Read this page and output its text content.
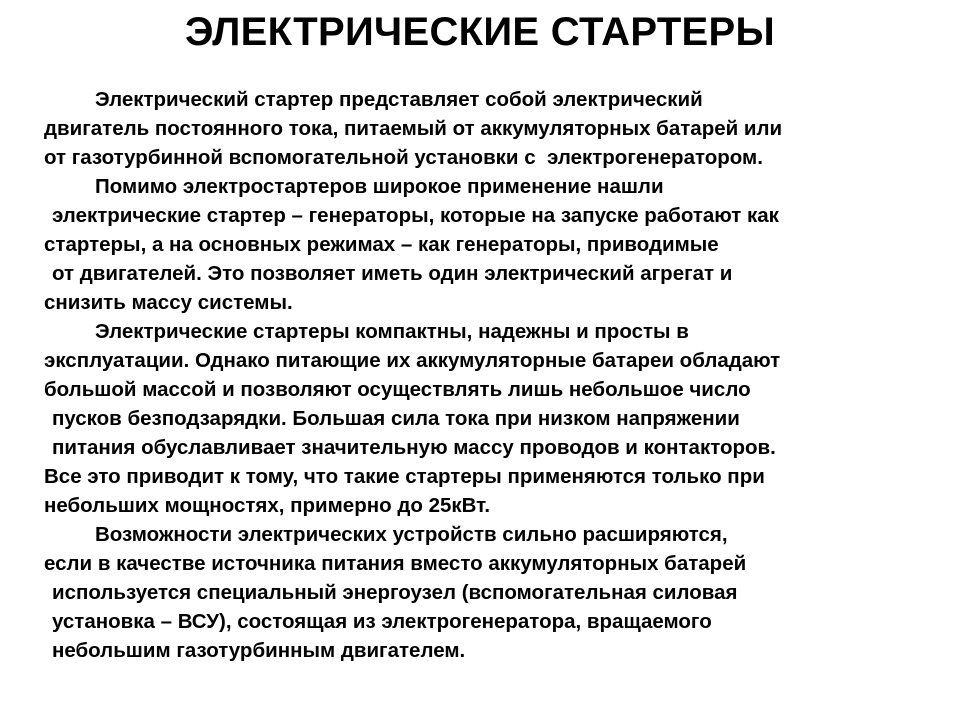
ЭЛЕКТРИЧЕСКИЕ СТАРТЕРЫ
Электрический стартер представляет собой электрический
двигатель постоянного тока, питаемый от аккумуляторных батарей или
от газотурбинной вспомогательной установки с  электрогенератором.
Помимо электростартеров широкое применение нашли
электрические стартер – генераторы, которые на запуске работают как
стартеры, а на основных режимах – как генераторы, приводимые
от двигателей. Это позволяет иметь один электрический агрегат и
снизить массу системы.
Электрические стартеры компактны, надежны и просты в
эксплуатации. Однако питающие их аккумуляторные батареи обладают
большой массой и позволяют осуществлять лишь небольшое число
пусков безподзарядки. Большая сила тока при низком напряжении
питания обуславливает значительную массу проводов и контакторов.
Все это приводит к тому, что такие стартеры применяются только при
небольших мощностях, примерно до 25кВт.
Возможности электрических устройств сильно расширяются,
если в качестве источника питания вместо аккумуляторных батарей
используется специальный энергоузел (вспомогательная силовая
установка – ВСУ), состоящая из электрогенератора, вращаемого
небольшим газотурбинным двигателем.
